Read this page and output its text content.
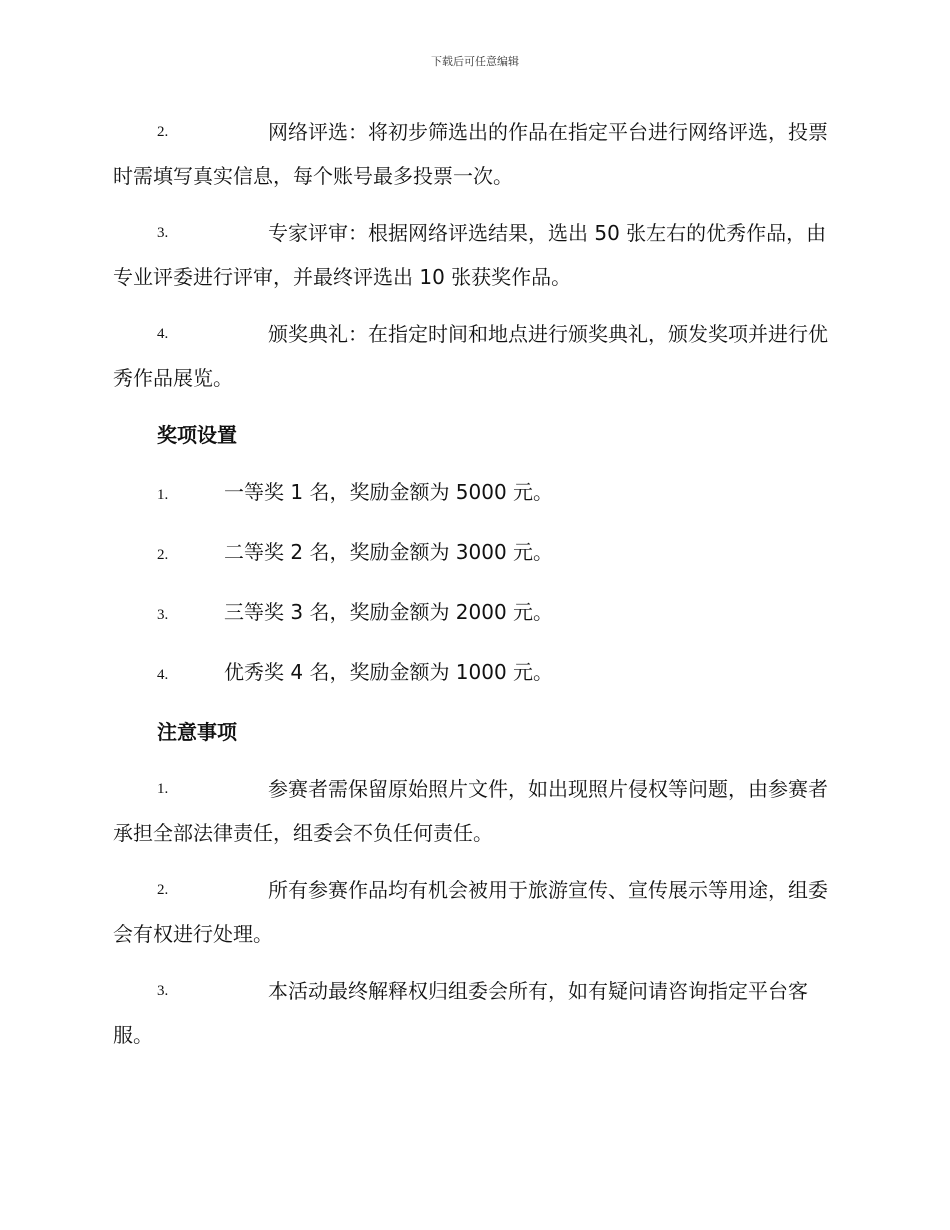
下载后可任意编辑
2.	网络评选：将初步筛选出的作品在指定平台进行网络评选，投票时需填写真实信息，每个账号最多投票一次。
3.	专家评审：根据网络评选结果，选出 50 张左右的优秀作品，由专业评委进行评审，并最终评选出 10 张获奖作品。
4.	颁奖典礼：在指定时间和地点进行颁奖典礼，颁发奖项并进行优秀作品展览。
奖项设置
1.	一等奖 1 名，奖励金额为 5000 元。
2.	二等奖 2 名，奖励金额为 3000 元。
3.	三等奖 3 名，奖励金额为 2000 元。
4.	优秀奖 4 名，奖励金额为 1000 元。
注意事项
1.	参赛者需保留原始照片文件，如出现照片侵权等问题，由参赛者承担全部法律责任，组委会不负任何责任。
2.	所有参赛作品均有机会被用于旅游宣传、宣传展示等用途，组委会有权进行处理。
3.	本活动最终解释权归组委会所有，如有疑问请咨询指定平台客服。
